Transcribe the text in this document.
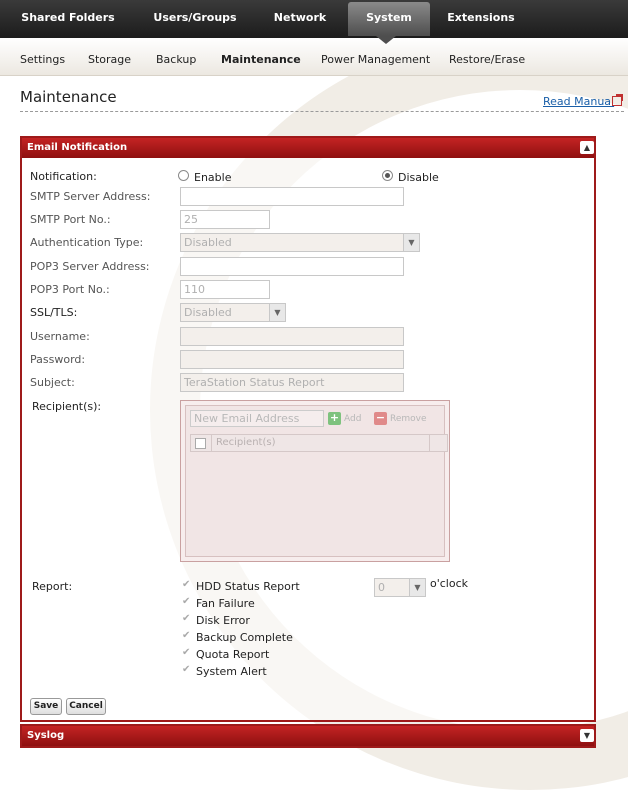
Shared Folders	Users/Groups	Network	System	Extensions
Settings Storage Backup Maintenance Power Management Restore/Erase
Maintenance	Read Manual
Email Notification	▲
Notification:	Enable	Disable
SMTP Server Address:
SMTP Port No.:	25
Authentication Type:	Disabled	▼
POP3 Server Address:
POP3 Port No.:	110
SSL/TLS:	Disabled	▼
Username:
Password:
Subject:	TeraStation Status Report
Recipient(s):
New Email Address	+ Add − Remove
Recipient(s)
Report:	✔ HDD Status Report
✔ Fan Failure
✔ Disk Error
✔ Backup Complete
✔ Quota Report
✔ System Alert
0	▼ o'clock
Save	Cancel
Syslog	▼
